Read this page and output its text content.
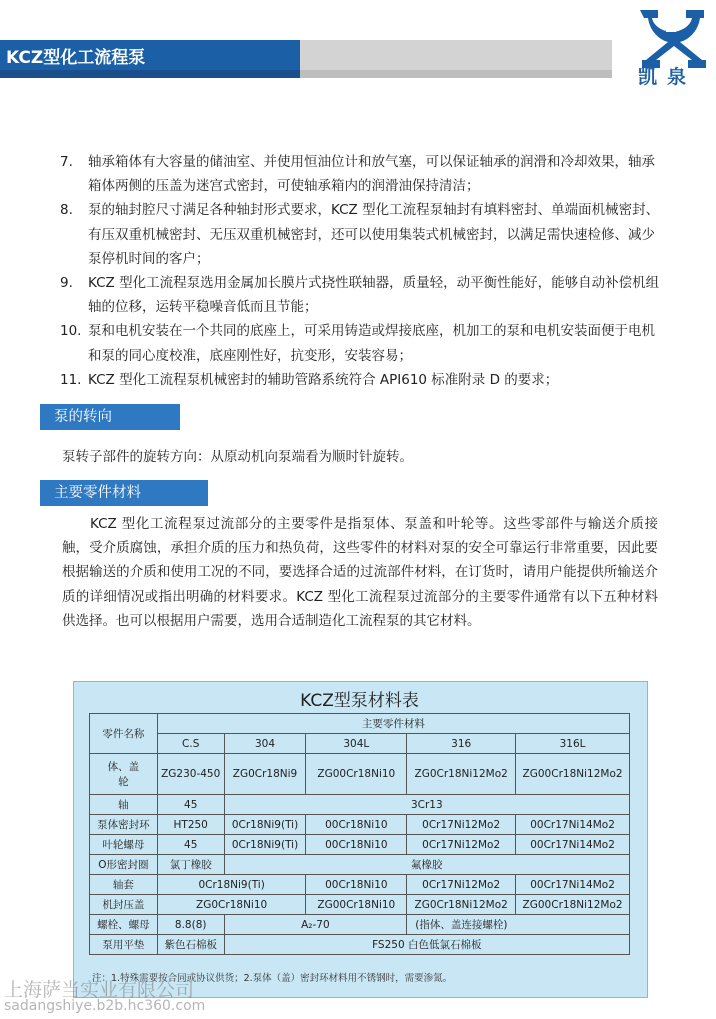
KCZ型化工流程泵
凯泉
7. 轴承箱体有大容量的储油室、并使用恒油位计和放气塞，可以保证轴承的润滑和冷却效果，轴承箱体两侧的压盖为迷宫式密封，可使轴承箱内的润滑油保持清洁；
8. 泵的轴封腔尺寸满足各种轴封形式要求，KCZ 型化工流程泵轴封有填料密封、单端面机械密封、有压双重机械密封、无压双重机械密封，还可以使用集装式机械密封，以满足需快速检修、减少泵停机时间的客户；
9. KCZ 型化工流程泵选用金属加长膜片式挠性联轴器，质量轻，动平衡性能好，能够自动补偿机组轴的位移，运转平稳噪音低而且节能；
10. 泵和电机安装在一个共同的底座上，可采用铸造或焊接底座，机加工的泵和电机安装面便于电机和泵的同心度校准，底座刚性好，抗变形，安装容易；
11. KCZ 型化工流程泵机械密封的辅助管路系统符合 API610 标准附录 D 的要求；
泵的转向
泵转子部件的旋转方向：从原动机向泵端看为顺时针旋转。
主要零件材料
KCZ 型化工流程泵过流部分的主要零件是指泵体、泵盖和叶轮等。这些零部件与输送介质接触，受介质腐蚀，承担介质的压力和热负荷，这些零件的材料对泵的安全可靠运行非常重要，因此要根据输送的介质和使用工况的不同，要选择合适的过流部件材料，在订货时，请用户能提供所输送介质的详细情况或指出明确的材料要求。KCZ 型化工流程泵过流部分的主要零件通常有以下五种材料供选择。也可以根据用户需要，选用合适制造化工流程泵的其它材料。
KCZ型泵材料表
零件名称	主要零件材料				
	C.S	304	304L	316	316L
体、盖轮	ZG230-450	ZG0Cr18Ni9	ZG00Cr18Ni10	ZG0Cr18Ni12Mo2	ZG00Cr18Ni12Mo2
轴	45	3Cr13			
泵体密封环	HT250	0Cr18Ni9(Ti)	00Cr18Ni10	0Cr17Ni12Mo2	00Cr17Ni14Mo2
叶轮螺母	45	0Cr18Ni9(Ti)	00Cr18Ni10	0Cr17Ni12Mo2	00Cr17Ni14Mo2
O形密封圈	氯丁橡胶	氟橡胶			
轴套	0Cr18Ni9(Ti)		00Cr18Ni10	0Cr17Ni12Mo2	00Cr17Ni14Mo2
机封压盖	ZG0Cr18Ni10		ZG00Cr18Ni10	ZG0Cr18Ni12Mo2	ZG00Cr18Ni12Mo2
螺栓、螺母	8.8(8)	A₂-70		(指体、盖连接螺栓)	
泵用平垫	紫色石棉板	FS250 白色低氯石棉板			
注：1.特殊需要按合同或协议供货；2.泵体（盖）密封环材料用不锈钢时，需要渗氮。
上海萨当实业有限公司
sadangshiye.b2b.hc360.com
